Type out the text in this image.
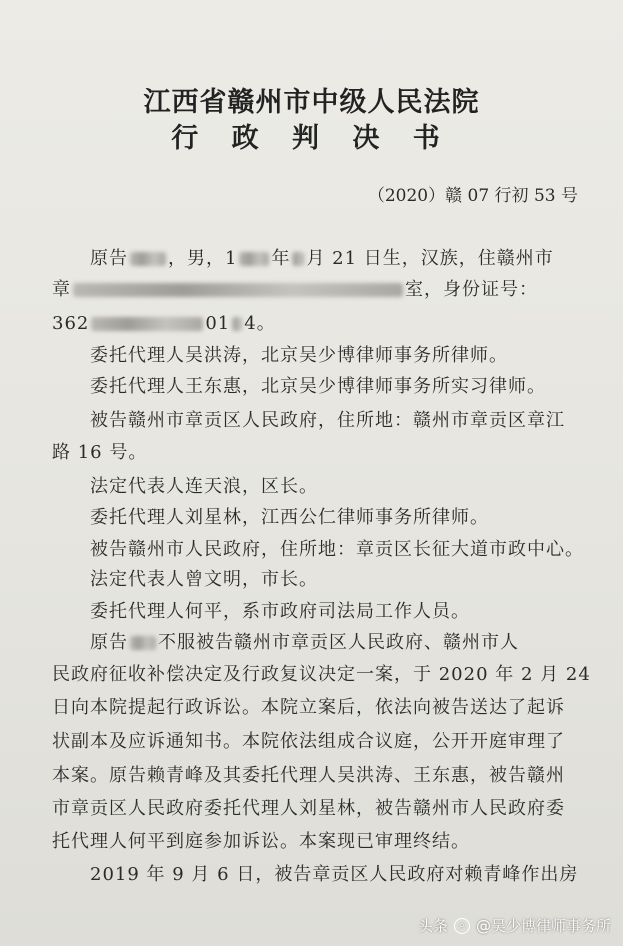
江西省赣州市中级人民法院
行 政 判 决 书
（2020）赣 07 行初 53 号
原告 ，男，1 年 月 21 日生，汉族，住赣州市
章	室，身份证号：
362	01 4。
委托代理人吴洪涛，北京吴少博律师事务所律师。
委托代理人王东惠，北京吴少博律师事务所实习律师。
被告赣州市章贡区人民政府，住所地：赣州市章贡区章江
路 16 号。
法定代表人连天浪，区长。
委托代理人刘星林，江西公仁律师事务所律师。
被告赣州市人民政府，住所地：章贡区长征大道市政中心。
法定代表人曾文明，市长。
委托代理人何平，系市政府司法局工作人员。
原告 不服被告赣州市章贡区人民政府、赣州市人
民政府征收补偿决定及行政复议决定一案，于 2020 年 2 月 24
日向本院提起行政诉讼。本院立案后，依法向被告送达了起诉
状副本及应诉通知书。本院依法组成合议庭，公开开庭审理了
本案。原告赖青峰及其委托代理人吴洪涛、王东惠，被告赣州
市章贡区人民政府委托代理人刘星林，被告赣州市人民政府委
托代理人何平到庭参加诉讼。本案现已审理终结。
2019 年 9 月 6 日，被告章贡区人民政府对赖青峰作出房
头条	⌕ @吴少博律师事务所
